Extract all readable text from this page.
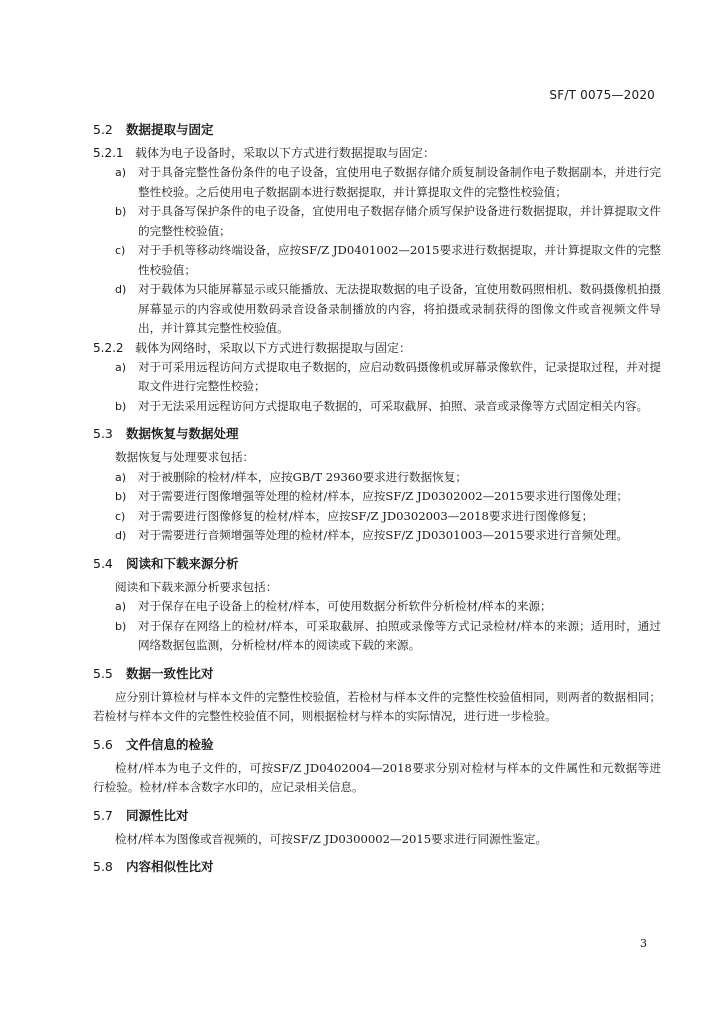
SF/T 0075—2020
5.2 数据提取与固定
5.2.1 载体为电子设备时，采取以下方式进行数据提取与固定：
a) 对于具备完整性备份条件的电子设备，宜使用电子数据存储介质复制设备制作电子数据副本，并进行完整性校验。之后使用电子数据副本进行数据提取，并计算提取文件的完整性校验值；
b) 对于具备写保护条件的电子设备，宜使用电子数据存储介质写保护设备进行数据提取，并计算提取文件的完整性校验值；
c) 对于手机等移动终端设备，应按SF/Z JD0401002—2015要求进行数据提取，并计算提取文件的完整性校验值；
d) 对于载体为只能屏幕显示或只能播放、无法提取数据的电子设备，宜使用数码照相机、数码摄像机拍摄屏幕显示的内容或使用数码录音设备录制播放的内容，将拍摄或录制获得的图像文件或音视频文件导出，并计算其完整性校验值。
5.2.2 载体为网络时，采取以下方式进行数据提取与固定：
a) 对于可采用远程访问方式提取电子数据的，应启动数码摄像机或屏幕录像软件，记录提取过程，并对提取文件进行完整性校验；
b) 对于无法采用远程访问方式提取电子数据的，可采取截屏、拍照、录音或录像等方式固定相关内容。
5.3 数据恢复与数据处理
数据恢复与处理要求包括：
a) 对于被删除的检材/样本，应按GB/T 29360要求进行数据恢复；
b) 对于需要进行图像增强等处理的检材/样本，应按SF/Z JD0302002—2015要求进行图像处理；
c) 对于需要进行图像修复的检材/样本，应按SF/Z JD0302003—2018要求进行图像修复；
d) 对于需要进行音频增强等处理的检材/样本，应按SF/Z JD0301003—2015要求进行音频处理。
5.4 阅读和下载来源分析
阅读和下载来源分析要求包括：
a) 对于保存在电子设备上的检材/样本，可使用数据分析软件分析检材/样本的来源；
b) 对于保存在网络上的检材/样本，可采取截屏、拍照或录像等方式记录检材/样本的来源；适用时，通过网络数据包监测，分析检材/样本的阅读或下载的来源。
5.5 数据一致性比对
应分别计算检材与样本文件的完整性校验值，若检材与样本文件的完整性校验值相同，则两者的数据相同；若检材与样本文件的完整性校验值不同，则根据检材与样本的实际情况，进行进一步检验。
5.6 文件信息的检验
检材/样本为电子文件的，可按SF/Z JD0402004—2018要求分别对检材与样本的文件属性和元数据等进行检验。检材/样本含数字水印的，应记录相关信息。
5.7 同源性比对
检材/样本为图像或音视频的，可按SF/Z JD0300002—2015要求进行同源性鉴定。
5.8 内容相似性比对
3
